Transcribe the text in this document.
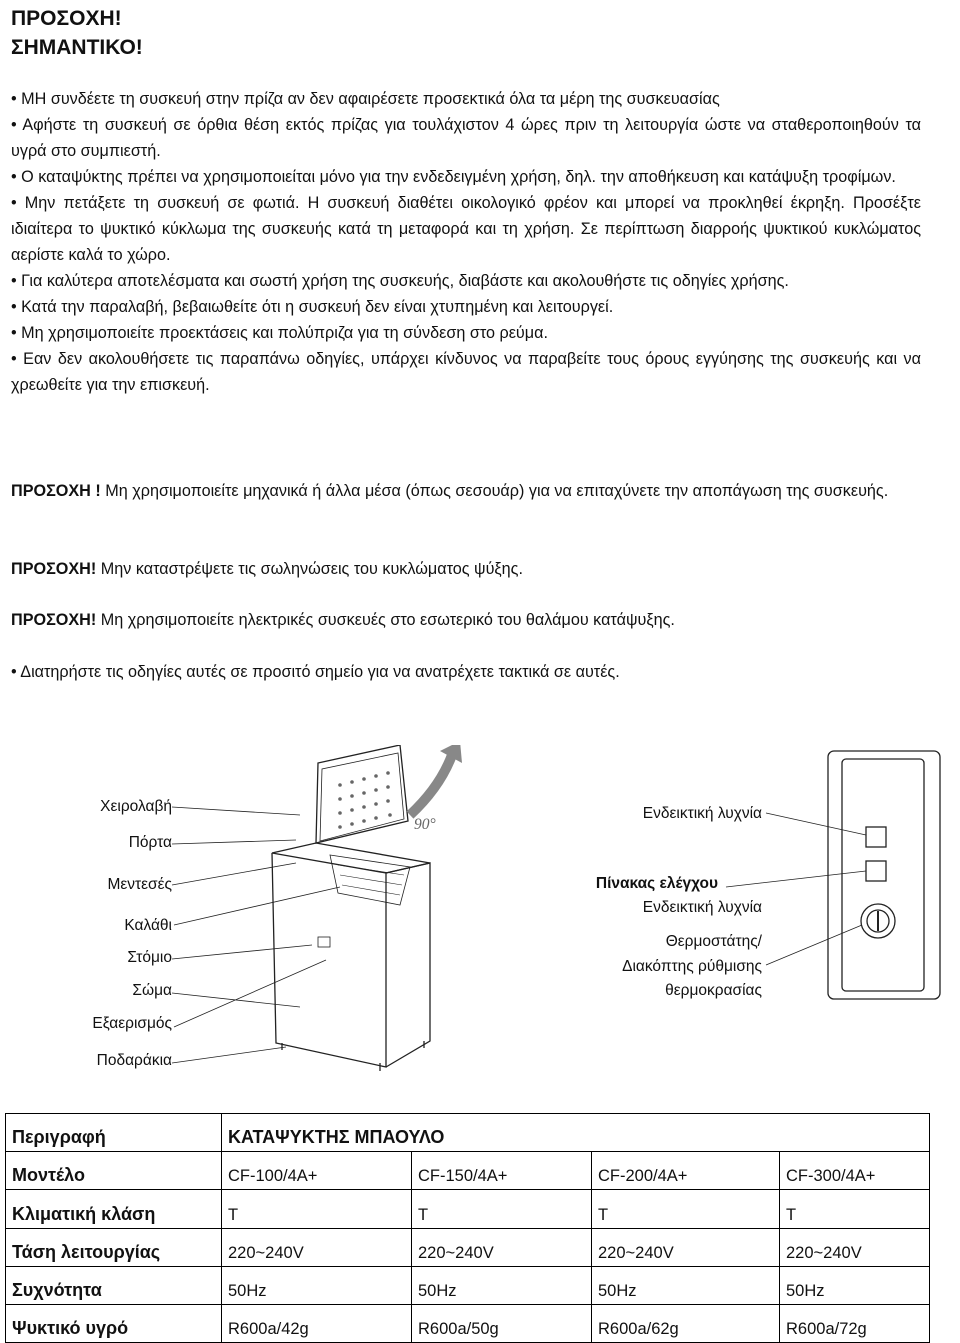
ΠΡΟΣΟΧΗ!
ΣΗΜΑΝΤΙΚΟ!
• ΜΗ συνδέετε τη συσκευή στην πρίζα αν δεν αφαιρέσετε προσεκτικά όλα τα μέρη της συσκευασίας
• Αφήστε τη συσκευή σε όρθια θέση εκτός πρίζας για τουλάχιστον 4 ώρες πριν τη λειτουργία ώστε να σταθεροποιηθούν τα υγρά στο συμπιεστή.
• Ο καταψύκτης πρέπει να χρησιμοποιείται μόνο για την ενδεδειγμένη χρήση, δηλ. την αποθήκευση και κατάψυξη τροφίμων.
• Μην πετάξετε τη συσκευή σε φωτιά. Η συσκευή διαθέτει οικολογικό φρέον και μπορεί να προκληθεί έκρηξη. Προσέξτε ιδιαίτερα το ψυκτικό κύκλωμα της συσκευής κατά τη μεταφορά και τη χρήση. Σε περίπτωση διαρροής ψυκτικού κυκλώματος αερίστε καλά το χώρο.
• Για καλύτερα αποτελέσματα και σωστή χρήση της συσκευής, διαβάστε και ακολουθήστε τις οδηγίες χρήσης.
• Κατά την παραλαβή, βεβαιωθείτε ότι η συσκευή δεν είναι χτυπημένη και λειτουργεί.
• Μη χρησιμοποιείτε προεκτάσεις και πολύπριζα για τη σύνδεση στο ρεύμα.
• Εαν δεν ακολουθήσετε τις παραπάνω οδηγίες, υπάρχει κίνδυνος να παραβείτε τους όρους εγγύησης της συσκευής και να χρεωθείτε για την επισκευή.
ΠΡΟΣΟΧΗ ! Μη χρησιμοποιείτε μηχανικά ή άλλα μέσα (όπως σεσουάρ) για να επιταχύνετε την αποπάγωση της συσκευής.
ΠΡΟΣΟΧΗ! Μην καταστρέψετε τις σωληνώσεις του κυκλώματος ψύξης.
ΠΡΟΣΟΧΗ! Μη χρησιμοποιείτε ηλεκτρικές συσκευές στο εσωτερικό του θαλάμου κατάψυξης.
• Διατηρήστε τις οδηγίες αυτές σε προσιτό σημείο για να ανατρέχετε τακτικά σε αυτές.
Χειρολαβή
Πόρτα
Μεντεσές
Καλάθι
Στόμιο
Σώμα
Εξαερισμός
Ποδαράκια
90°
Ενδεικτική λυχνία
Πίνακας ελέγχου
Ενδεικτική λυχνία
Θερμοστάτης/
Διακόπτης ρύθμισης
θερμοκρασίας
Περιγραφή	ΚΑΤΑΨΥΚΤΗΣ ΜΠΑΟΥΛΟ			
Μοντέλο	CF-100/4A+	CF-150/4A+	CF-200/4A+	CF-300/4A+
Κλιματική κλάση	T	T	T	T
Τάση λειτουργίας	220~240V	220~240V	220~240V	220~240V
Συχνότητα	50Hz	50Hz	50Hz	50Hz
Ψυκτικό υγρό	R600a/42g	R600a/50g	R600a/62g	R600a/72g
